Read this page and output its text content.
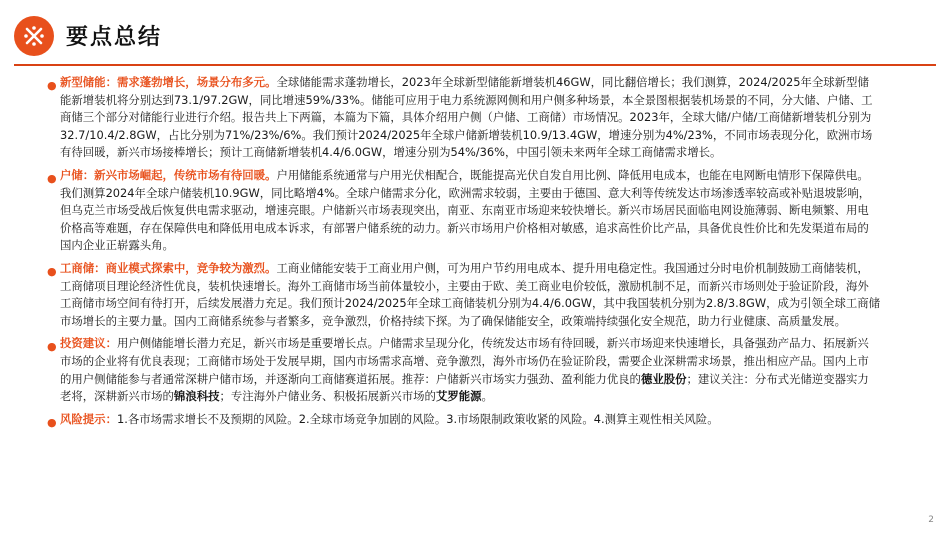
要点总结
● 新型储能：需求蓬勃增长，场景分布多元。全球储能需求蓬勃增长，2023年全球新型储能新增装机46GW，同比翻倍增长；我们测算，2024/2025年全球新型储能新增装机将分别达到73.1/97.2GW，同比增速59%/33%。储能可应用于电力系统源网侧和用户侧多种场景，本全景图根据装机场景的不同，分大储、户储、工商储三个部分对储能行业进行介绍。报告共上下两篇，本篇为下篇，具体介绍用户侧（户储、工商储）市场情况。2023年，全球大储/户储/工商储新增装机分别为32.7/10.4/2.8GW，占比分别为71%/23%/6%。我们预计2024/2025年全球户储新增装机10.9/13.4GW，增速分别为4%/23%，不同市场表现分化，欧洲市场有待回暖，新兴市场接棒增长；预计工商储新增装机4.4/6.0GW，增速分别为54%/36%，中国引领未来两年全球工商储需求增长。
● 户储：新兴市场崛起，传统市场有待回暖。户用储能系统通常与户用光伏相配合，既能提高光伏自发自用比例、降低用电成本，也能在电网断电情形下保障供电。我们测算2024年全球户储装机10.9GW，同比略增4%。全球户储需求分化，欧洲需求较弱，主要由于德国、意大利等传统发达市场渗透率较高或补贴退坡影响，但乌克兰市场受战后恢复供电需求驱动，增速亮眼。户储新兴市场表现突出，南亚、东南亚市场迎来较快增长。新兴市场居民面临电网设施薄弱、断电频繁、用电价格高等难题，存在保障供电和降低用电成本诉求，有部署户储系统的动力。新兴市场用户价格相对敏感，追求高性价比产品，具备优良性价比和先发渠道布局的国内企业正崭露头角。
● 工商储：商业模式探索中，竞争较为激烈。工商业储能安装于工商业用户侧，可为用户节约用电成本、提升用电稳定性。我国通过分时电价机制鼓励工商储装机，工商储项目理论经济性优良，装机快速增长。海外工商储市场当前体量较小，主要由于欧、美工商业电价较低，激励机制不足，而新兴市场则处于验证阶段，海外工商储市场空间有待打开，后续发展潜力充足。我们预计2024/2025年全球工商储装机分别为4.4/6.0GW，其中我国装机分别为2.8/3.8GW，成为引领全球工商储市场增长的主要力量。国内工商储系统参与者繁多，竞争激烈，价格持续下探。为了确保储能安全，政策端持续强化安全规范，助力行业健康、高质量发展。
● 投资建议：用户侧储能增长潜力充足，新兴市场是重要增长点。户储需求呈现分化，传统发达市场有待回暖，新兴市场迎来快速增长，具备强劲产品力、拓展新兴市场的企业将有优良表现；工商储市场处于发展早期，国内市场需求高增、竞争激烈，海外市场仍在验证阶段，需要企业深耕需求场景，推出相应产品。国内上市的用户侧储能参与者通常深耕户储市场，并逐渐向工商储赛道拓展。推荐：户储新兴市场实力强劲、盈利能力优良的德业股份；建议关注：分布式光储逆变器实力老将，深耕新兴市场的锦浪科技；专注海外户储业务、积极拓展新兴市场的艾罗能源。
● 风险提示：1.各市场需求增长不及预期的风险。2.全球市场竞争加剧的风险。3.市场限制政策收紧的风险。4.测算主观性相关风险。
2
